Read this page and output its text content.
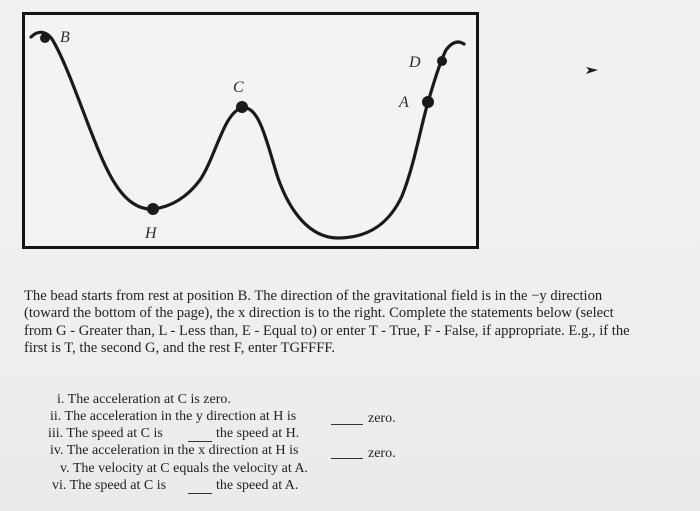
B
C
D
A
H
The bead starts from rest at position B. The direction of the gravitational field is in the −y direction
(toward the bottom of the page), the x direction is to the right. Complete the statements below (select
from G - Greater than, L - Less than, E - Equal to) or enter T - True, F - False, if appropriate. E.g., if the
first is T, the second G, and the rest F, enter TGFFFF.
i. The acceleration at C is zero.
ii. The acceleration in the y direction at H is	zero.
iii. The speed at C is	the speed at H.
iv. The acceleration in the x direction at H is	zero.
v. The velocity at C equals the velocity at A.
vi. The speed at C is	the speed at A.
